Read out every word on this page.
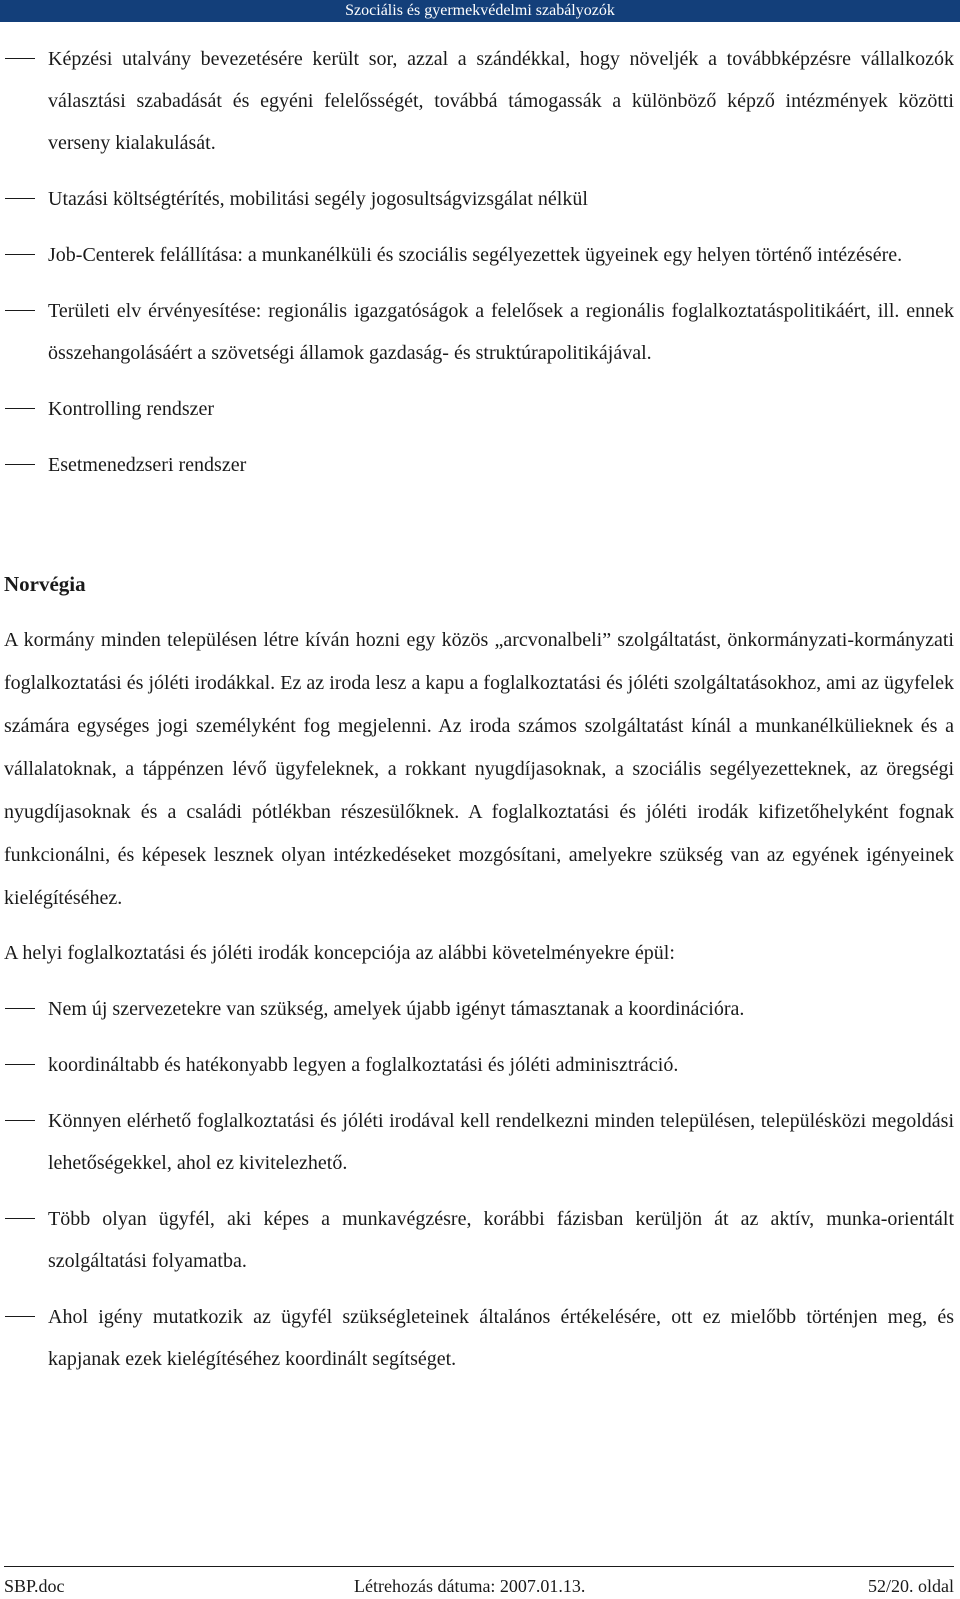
Szociális és gyermekvédelmi szabályozók
Képzési utalvány bevezetésére került sor, azzal a szándékkal, hogy növeljék a továbbképzésre vállalkozók választási szabadását és egyéni felelősségét, továbbá támogassák a különböző képző intézmények közötti verseny kialakulását.
Utazási költségtérítés, mobilitási segély jogosultságvizsgálat nélkül
Job-Centerek felállítása: a munkanélküli és szociális segélyezettek ügyeinek egy helyen történő intézésére.
Területi elv érvényesítése: regionális igazgatóságok a felelősek a regionális foglalkoztatáspolitikáért, ill. ennek összehangolásáért a szövetségi államok gazdaság- és struktúrapolitikájával.
Kontrolling rendszer
Esetmenedzseri rendszer
Norvégia
A kormány minden településen létre kíván hozni egy közös „arcvonalbeli” szolgáltatást, önkormányzati-kormányzati foglalkoztatási és jóléti irodákkal. Ez az iroda lesz a kapu a foglalkoztatási és jóléti szolgáltatásokhoz, ami az ügyfelek számára egységes jogi személyként fog megjelenni. Az iroda számos szolgáltatást kínál a munkanélkülieknek és a vállalatoknak, a táppénzen lévő ügyfeleknek, a rokkant nyugdíjasoknak, a szociális segélyezetteknek, az öregségi nyugdíjasoknak és a családi pótlékban részesülőknek. A foglalkoztatási és jóléti irodák kifizetőhelyként fognak funkcionálni, és képesek lesznek olyan intézkedéseket mozgósítani, amelyekre szükség van az egyének igényeinek kielégítéséhez.
A helyi foglalkoztatási és jóléti irodák koncepciója az alábbi követelményekre épül:
Nem új szervezetekre van szükség, amelyek újabb igényt támasztanak a koordinációra.
koordináltabb és hatékonyabb legyen a foglalkoztatási és jóléti adminisztráció.
Könnyen elérhető foglalkoztatási és jóléti irodával kell rendelkezni minden településen, településközi megoldási lehetőségekkel, ahol ez kivitelezhető.
Több olyan ügyfél, aki képes a munkavégzésre, korábbi fázisban kerüljön át az aktív, munka-orientált szolgáltatási folyamatba.
Ahol igény mutatkozik az ügyfél szükségleteinek általános értékelésére, ott ez mielőbb történjen meg, és kapjanak ezek kielégítéséhez koordinált segítséget.
SBP.doc	Létrehozás dátuma: 2007.01.13.	52/20. oldal
